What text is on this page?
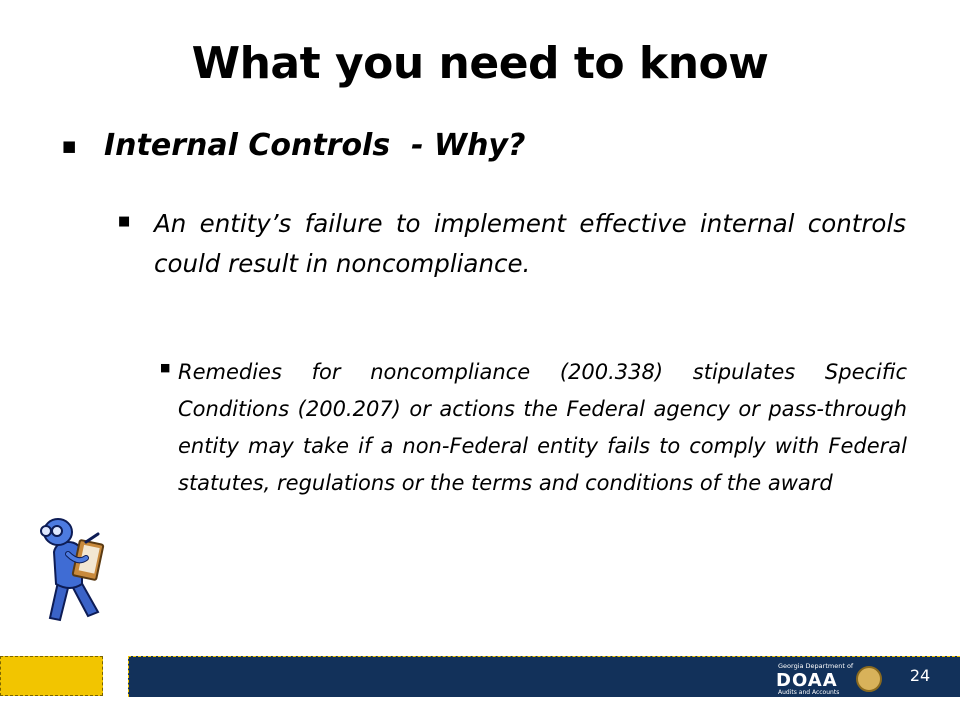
What you need to know
■ Internal Controls  - Why?
■ An entity’s failure to implement effective internal controls could result in noncompliance.
■ Remedies for noncompliance (200.338) stipulates Specific Conditions (200.207) or actions the Federal agency or pass-through entity may take if a non-Federal entity fails to comply with Federal statutes, regulations or the terms and conditions of the award
Georgia Department of
DOAA
Audits and Accounts
24
